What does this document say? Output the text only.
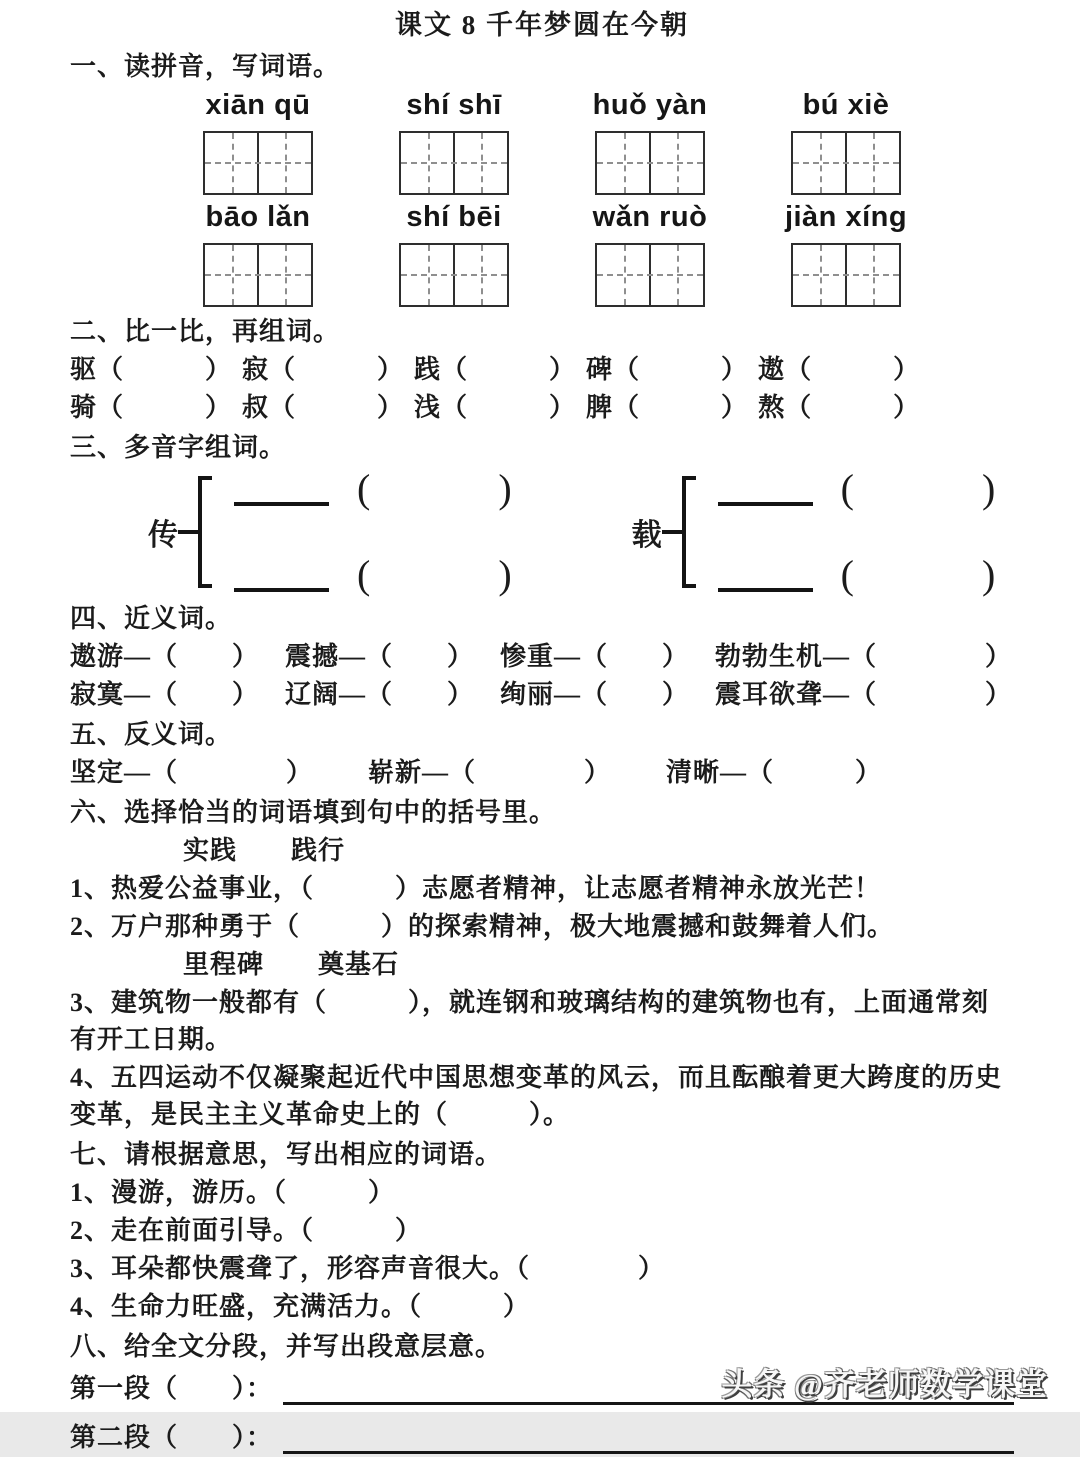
课文 8 千年梦圆在今朝
一、读拼音，写词语。
xiān qū	shí shī	huǒ yàn	bú xiè
bāo lǎn	shí bēi	wǎn ruò	jiàn xíng
二、比一比，再组词。
驱（　　　） 寂（　　　） 践（　　　） 碑（　　　） 遨（　　　）
骑（　　　） 叔（　　　） 浅（　　　） 脾（　　　） 熬（　　　）
三、多音字组词。
传
(　　　)
(　　　)
载
(　　　)
(　　　)
四、近义词。
遨游—（　　） 震撼—（　　） 惨重—（　　） 勃勃生机—（　　　　）
寂寞—（　　） 辽阔—（　　） 绚丽—（　　） 震耳欲聋—（　　　　）
五、反义词。
坚定—（　　　　） 崭新—（　　　　） 清晰—（　　　）
六、选择恰当的词语填到句中的括号里。
实践　　践行
1、热爱公益事业，（　　　）志愿者精神，让志愿者精神永放光芒！
2、万户那种勇于（　　　）的探索精神，极大地震撼和鼓舞着人们。
里程碑　　奠基石
3、建筑物一般都有（　　　），就连钢和玻璃结构的建筑物也有，上面通常刻有开工日期。
4、五四运动不仅凝聚起近代中国思想变革的风云，而且酝酿着更大跨度的历史变革，是民主主义革命史上的（　　　）。
七、请根据意思，写出相应的词语。
1、漫游，游历。（　　　）
2、走在前面引导。（　　　）
3、耳朵都快震聋了，形容声音很大。（　　　　）
4、生命力旺盛，充满活力。（　　　）
八、给全文分段，并写出段意层意。
第一段（　　）：
第二段（　　）：
头条 @齐老师数学课堂
